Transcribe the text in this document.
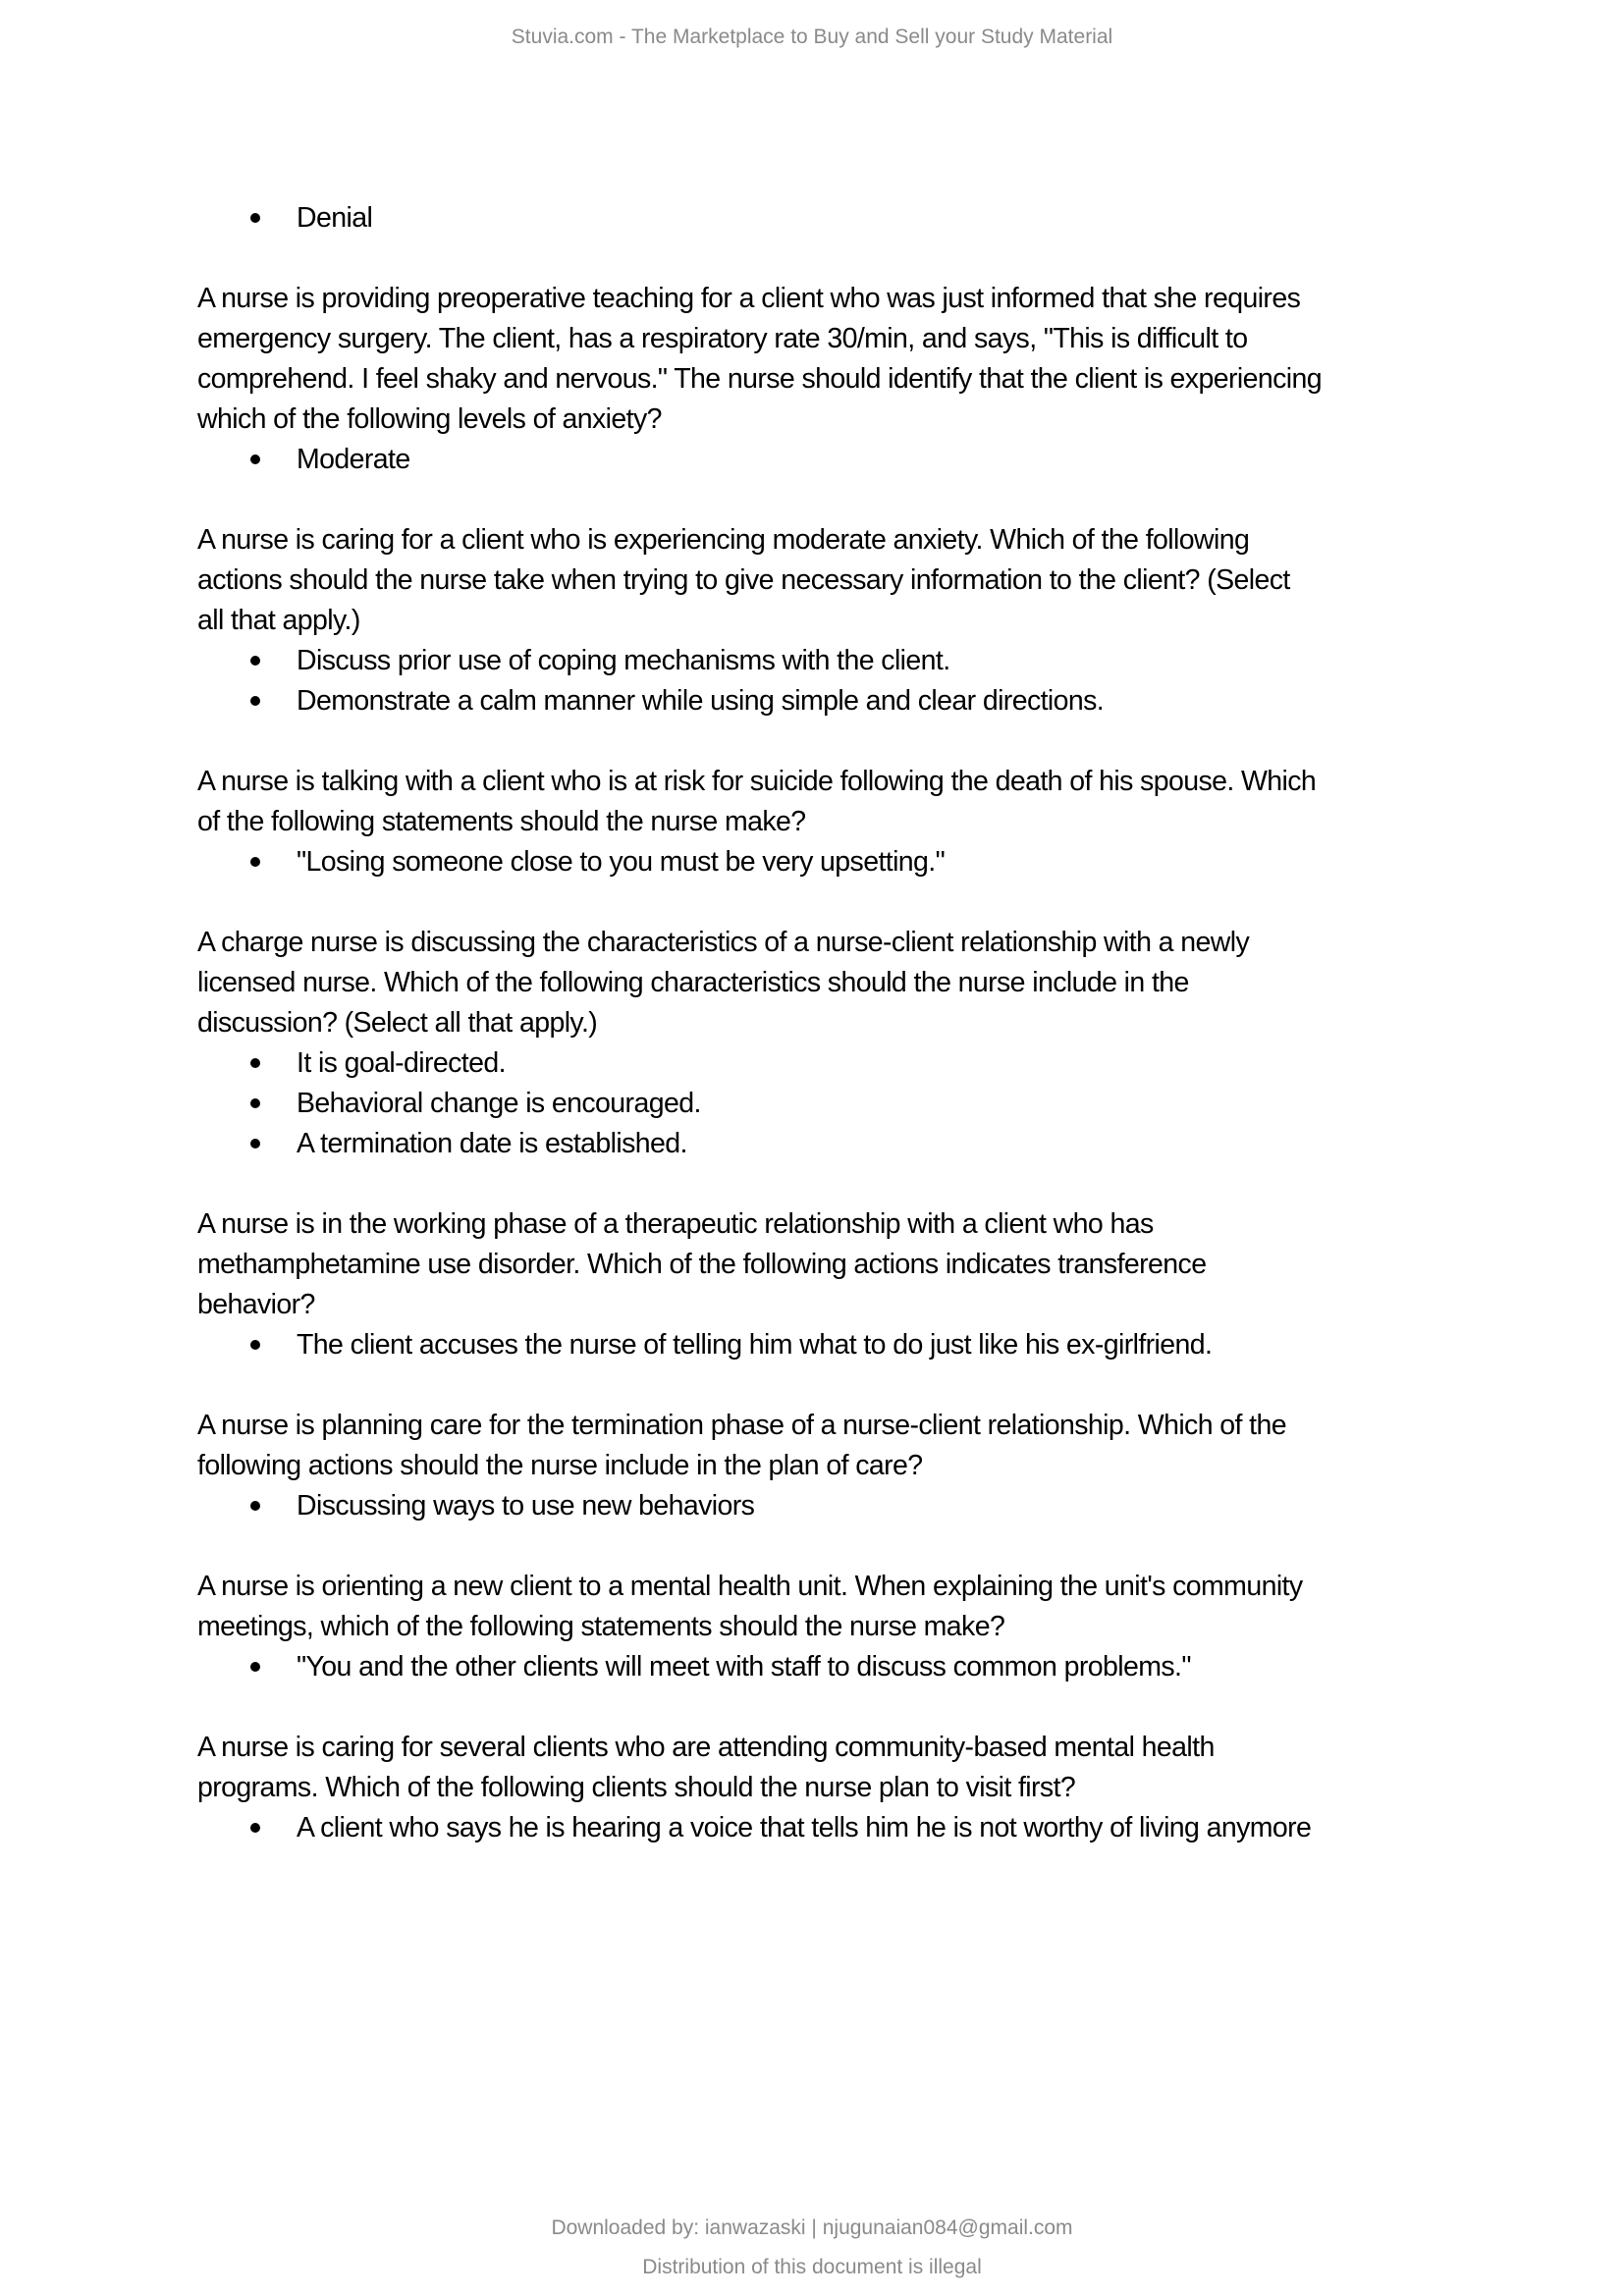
Stuvia.com - The Marketplace to Buy and Sell your Study Material
Denial
A nurse is providing preoperative teaching for a client who was just informed that she requires
emergency surgery. The client, has a respiratory rate 30/min, and says, "This is difficult to
comprehend. I feel shaky and nervous." The nurse should identify that the client is experiencing
which of the following levels of anxiety?
Moderate
A nurse is caring for a client who is experiencing moderate anxiety. Which of the following
actions should the nurse take when trying to give necessary information to the client? (Select
all that apply.)
Discuss prior use of coping mechanisms with the client.
Demonstrate a calm manner while using simple and clear directions.
A nurse is talking with a client who is at risk for suicide following the death of his spouse. Which
of the following statements should the nurse make?
"Losing someone close to you must be very upsetting."
A charge nurse is discussing the characteristics of a nurse-client relationship with a newly
licensed nurse. Which of the following characteristics should the nurse include in the
discussion? (Select all that apply.)
It is goal-directed.
Behavioral change is encouraged.
A termination date is established.
A nurse is in the working phase of a therapeutic relationship with a client who has
methamphetamine use disorder. Which of the following actions indicates transference
behavior?
The client accuses the nurse of telling him what to do just like his ex-girlfriend.
A nurse is planning care for the termination phase of a nurse-client relationship. Which of the
following actions should the nurse include in the plan of care?
Discussing ways to use new behaviors
A nurse is orienting a new client to a mental health unit. When explaining the unit's community
meetings, which of the following statements should the nurse make?
"You and the other clients will meet with staff to discuss common problems."
A nurse is caring for several clients who are attending community-based mental health
programs. Which of the following clients should the nurse plan to visit first?
A client who says he is hearing a voice that tells him he is not worthy of living anymore
Downloaded by: ianwazaski | njugunaian084@gmail.com
Distribution of this document is illegal
